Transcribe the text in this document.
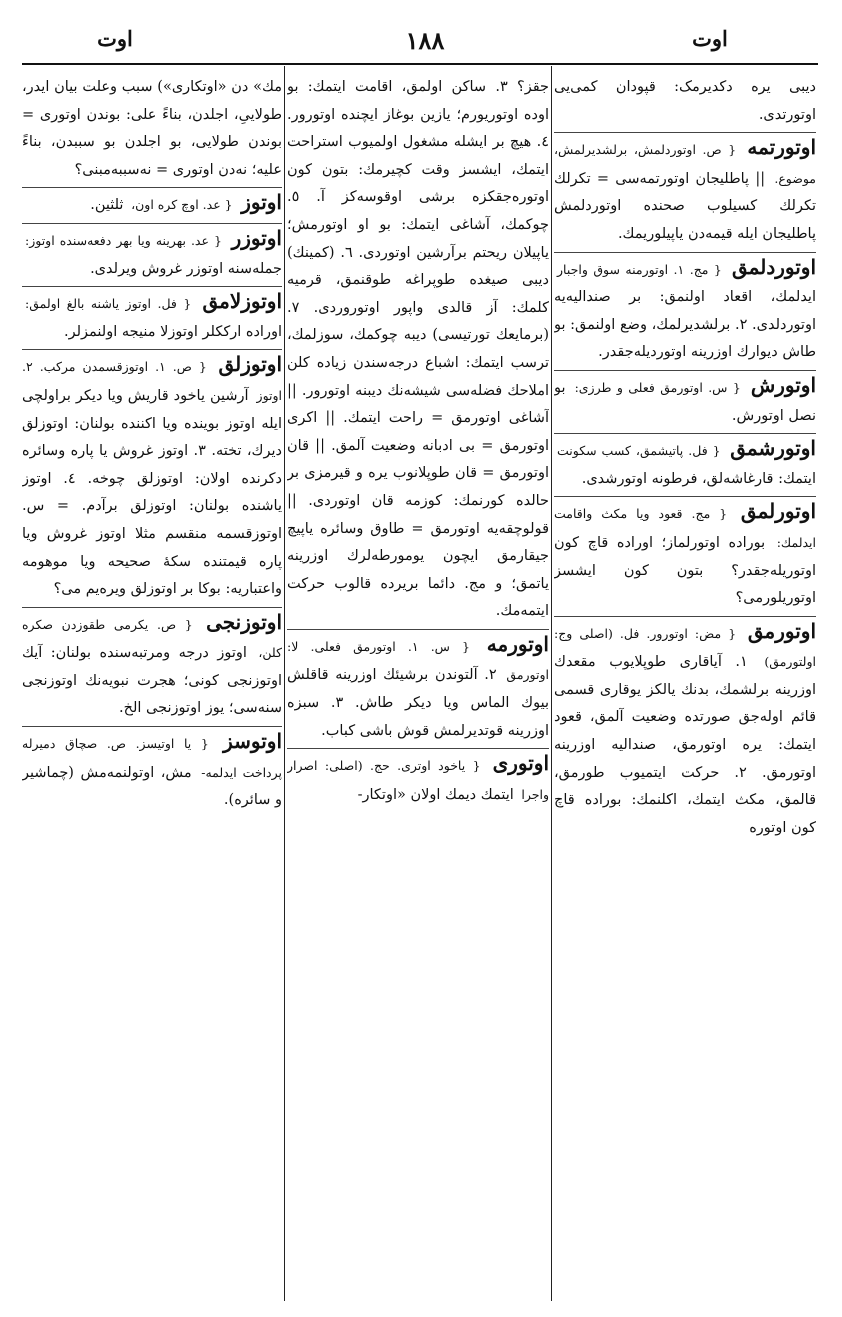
اوت
۱۸۸
اوت
دیبی یره دکدیرمک: قپودان کمی‌یی اوتورتدی.
اوتورتمه { ص. اوتوردلمش، برلشدیرلمش، موضوع. || پاطلیجان اوتورتمه‌سی = تکرلك تکرلك کسیلوب صحنده اوتوردلمش پاطلیجان ایله قیمه‌دن یاپیلوریمك.
اوتوردلمق { مج. ۱. اوتورمنه سوق واجبار ایدلمك، اقعاد اولنمق: بر صندالیه‌یه اوتوردلدی. ۲. برلشدیرلمك، وضع اولنمق: بو طاش دیوارك اوزرینه اوتوردیله‌جقدر.
اوتورش { س. اوتورمق فعلی و طرزی: بو نصل اوتورش.
اوتورشمق { فل. پاتیشمق، کسب سکونت ایتمك: قارغاشه‌لق، فرطونه اوتورشدی.
اوتورلمق { مج. قعود ویا مکث واقامت ایدلمك: بوراده اوتورلماز؛ اوراده قاچ کون اوتوریله‌جقدر؟ بتون کون ایشسز اوتوریلورمی؟
اوتورمق { مض: اوتورور. فل. (اصلی وج: اولتورمق) ۱. آیاقاری طوپلایوب مقعدك اوزرینه برلشمك، بدنك یالکز یوقاری قسمی قائم اوله‌جق صورتده وضعیت آلمق، قعود ایتمك: یره اوتورمق، صندالیه اوزرینه اوتورمق. ۲. حرکت ایتمیوب طورمق، قالمق، مکث ایتمك، اکلنمك: بوراده قاچ کون اوتوره‌
جقز؟ ۳. ساکن اولمق، اقامت ایتمك: بو اوده اوتوریورم؛ یازین بوغاز ایچنده اوتورور. ٤. هیچ بر ایشله مشغول اولمیوب استراحت ایتمك، ایشسز وقت کچیرمك: بتون کون اوتوره‌جقکزه برشی اوقوسه‌کز آ. ٥. چوکمك، آشاغی ایتمك: بو او اوتورمش؛ یاپیلان ریحتم برآرشین اوتوردی. ٦. (کمینك) دیبی صیغده طوپراغه طوقنمق، قرمیه کلمك: آز قالدی واپور اوتوروردی. ۷. (برمایعك تورتیسی) دیبه چوکمك، سوزلمك، ترسب ایتمك: اشباع درجه‌سندن زیاده کلن املاحك فضله‌سی شیشه‌نك دیبنه اوتورور. || آشاغی اوتورمق = راحت ایتمك. || اکری اوتورمق = بی ادبانه وضعیت آلمق. || قان اوتورمق = قان طوپلانوب یره و قیرمزی بر حالده کورنمك: کوزمه قان اوتوردی. || قولوچقه‌یه اوتورمق = طاوق وسائره یاپیچ جیقارمق ایچون یومورطه‌لرك اوزرینه یاتمق؛ و مج. دائما بریرده قالوب حرکت ایتمه‌مك.
اوتورمه { س. ۱. اوتورمق فعلی. لا: اوتورمق ۲. آلتوندن برشیئك اوزرینه قاقلش بیوك الماس ویا دیکر طاش. ۳. سبزه اوزرینه قوتدیرلمش قوش باشی کباب.
اوتوری { یاخود اوتری. حج. (اصلی: اصرار واجرا ایتمك دیمك اولان «اوتکار-
مك» دن «اوتکاری») سبب وعلت بیان ایدر، طولاییِ، اجلدن، بناءً علی: بوندن اوتوری = بوندن طولایی، بو اجلدن بو سببدن، بناءً علیه؛ نه‌دن اوتوری = نه‌سببه‌مبنی؟
اوتوز { عد. اوچ کره اون، ثلثین.
اوتوزر { عد. بهرینه ویا بهر دفعه‌سنده اوتوز: جمله‌سنه اوتوزر غروش ویرلدی.
اوتوزلامق { فل. اوتوز یاشنه بالغ اولمق: اوراده ارککلر اوتوزلا منیجه اولنمزلر.
اوتوزلق { ص. ۱. اوتوزقسمدن مرکب. ۲. اوتوز آرشین یاخود قاریش ویا دیکر براولچی ایله اوتوز بوینده ویا اکننده بولنان: اوتوزلق دیرك، تخته. ۳. اوتوز غروش یا پاره وسائره دکرنده اولان: اوتوزلق چوخه. ٤. اوتوز یاشنده بولنان: اوتوزلق برآدم. = س. اوتوزقسمه منقسم مثلا اوتوز غروش ویا پاره قیمتنده سکهٔ صحیحه ویا موهومه واعتباریه: بوکا بر اوتوزلق ویره‌یم می؟
اوتوزنجی { ص. یکرمی طقوزدن صکره کلن، اوتوز درجه ومرتبه‌سنده بولنان: آیك اوتوزنجی کونی؛ هجرت نبویه‌نك اوتوزنجی سنه‌سی؛ یوز اوتوزنجی الخ.
اوتوسز { یا اوتیسز. ص. صچاق دمیرله پرداخت ایدلمه- مش، اوتولنمه‌مش (چماشیر و سائره).
